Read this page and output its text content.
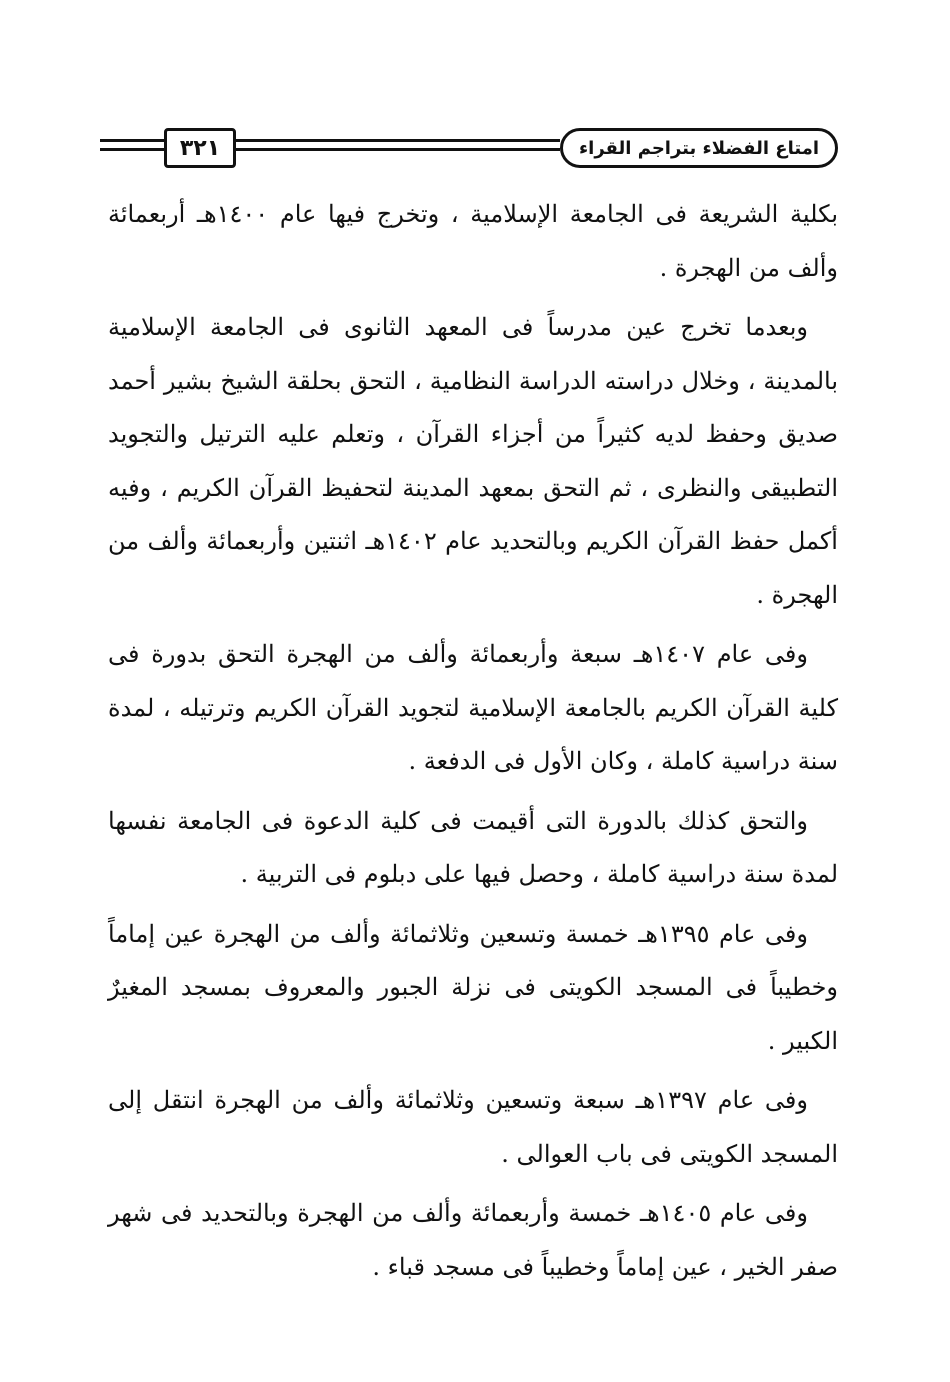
٣٢١	امتاع الفضلاء بتراجم القراء

بكلية الشريعة فى الجامعة الإسلامية ، وتخرج فيها عام ١٤٠٠هـ أربعمائة وألف من الهجرة .

وبعدما تخرج عين مدرساً فى المعهد الثانوى فى الجامعة الإسلامية بالمدينة ، وخلال دراسته الدراسة النظامية ، التحق بحلقة الشيخ بشير أحمد صديق وحفظ لديه كثيراً من أجزاء القرآن ، وتعلم عليه الترتيل والتجويد التطبيقى والنظرى ، ثم التحق بمعهد المدينة لتحفيظ القرآن الكريم ، وفيه أكمل حفظ القرآن الكريم وبالتحديد عام ١٤٠٢هـ اثنتين وأربعمائة وألف من الهجرة .

وفى عام ١٤٠٧هـ سبعة وأربعمائة وألف من الهجرة التحق بدورة فى كلية القرآن الكريم بالجامعة الإسلامية لتجويد القرآن الكريم وترتيله ، لمدة سنة دراسية كاملة ، وكان الأول فى الدفعة .

والتحق كذلك بالدورة التى أقيمت فى كلية الدعوة فى الجامعة نفسها لمدة سنة دراسية كاملة ، وحصل فيها على دبلوم فى التربية .

وفى عام ١٣٩٥هـ خمسة وتسعين وثلاثمائة وألف من الهجرة عين إماماً وخطيباً فى المسجد الكويتى فى نزلة الجبور والمعروف بمسجد المغيرٌ الكبير .

وفى عام ١٣٩٧هـ سبعة وتسعين وثلاثمائة وألف من الهجرة انتقل إلى المسجد الكويتى فى باب العوالى .

وفى عام ١٤٠٥هـ خمسة وأربعمائة وألف من الهجرة وبالتحديد فى شهر صفر الخير ، عين إماماً وخطيباً فى مسجد قباء .
